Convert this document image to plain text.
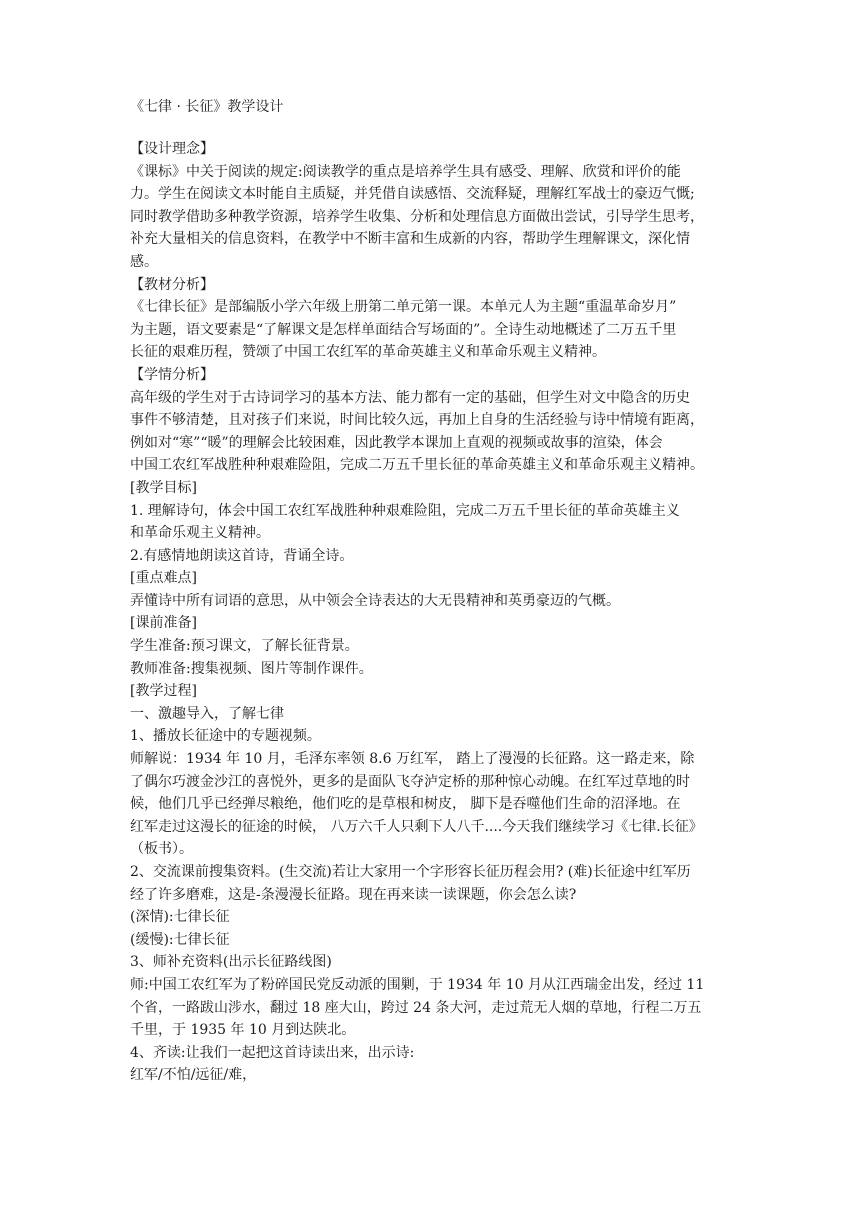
《七律 · 长征》教学设计
【设计理念】
《课标》中关于阅读的规定:阅读教学的重点是培养学生具有感受、理解、欣赏和评价的能
力。学生在阅读文本时能自主质疑，并凭借自读感悟、交流释疑，理解红军战士的豪迈气慨;
同时教学借助多种教学资源，培养学生收集、分析和处理信息方面做出尝试，引导学生思考，
补充大量相关的信息资料，在教学中不断丰富和生成新的内容，帮助学生理解课文，深化情
感。
【教材分析】
《七律长征》是部编版小学六年级上册第二单元第一课。本单元人为主题“重温革命岁月”
为主题，语文要素是“了解课文是怎样单面结合写场面的”。全诗生动地概述了二万五千里
长征的艰难历程，赞颂了中国工农红军的革命英雄主义和革命乐观主义精神。
【学情分析】
高年级的学生对于古诗词学习的基本方法、能力都有一定的基础，但学生对文中隐含的历史
事件不够清楚，且对孩子们来说，时间比较久远，再加上自身的生活经验与诗中情境有距离，
例如对“寒”“暖”的理解会比较困难，因此教学本课加上直观的视频或故事的渲染，体会
中国工农红军战胜种种艰难险阻，完成二万五千里长征的革命英雄主义和革命乐观主义精神。
[教学目标]
1. 理解诗句，体会中国工农红军战胜种种艰难险阻，完成二万五千里长征的革命英雄主义
和革命乐观主义精神。
2.有感情地朗读这首诗，背诵全诗。
[重点难点]
弄懂诗中所有词语的意思，从中领会全诗表达的大无畏精神和英勇豪迈的气概。
[课前准备]
学生准备:预习课文，了解长征背景。
教师准备:搜集视频、图片等制作课件。
[教学过程]
一、激趣导入，了解七律
1、播放长征途中的专题视频。
师解说：1934 年 10 月，毛泽东率领 8.6 万红军， 踏上了漫漫的长征路。这一路走来，除
了偶尔巧渡金沙江的喜悦外，更多的是面队飞夺泸定桥的那种惊心动魄。在红军过草地的时
候，他们几乎已经弹尽粮绝，他们吃的是草根和树皮， 脚下是吞噬他们生命的沼泽地。在
红军走过这漫长的征途的时候， 八万六千人只剩下人八千....今天我们继续学习《七律.长征》
（板书）。
2、交流课前搜集资料。(生交流)若让大家用一个字形容长征历程会用? (难)长征途中红军历
经了许多磨难，这是-条漫漫长征路。现在再来读一读课题，你会怎么读?
(深情):七律长征
(缓慢):七律长征
3、师补充资料(出示长征路线图)
师:中国工农红军为了粉碎国民党反动派的围剿，于 1934 年 10 月从江西瑞金出发，经过 11
个省，一路跋山涉水，翻过 18 座大山，跨过 24 条大河，走过荒无人烟的草地，行程二万五
千里，于 1935 年 10 月到达陕北。
4、齐读:让我们一起把这首诗读出来，出示诗:
红军/不怕/远征/难，
